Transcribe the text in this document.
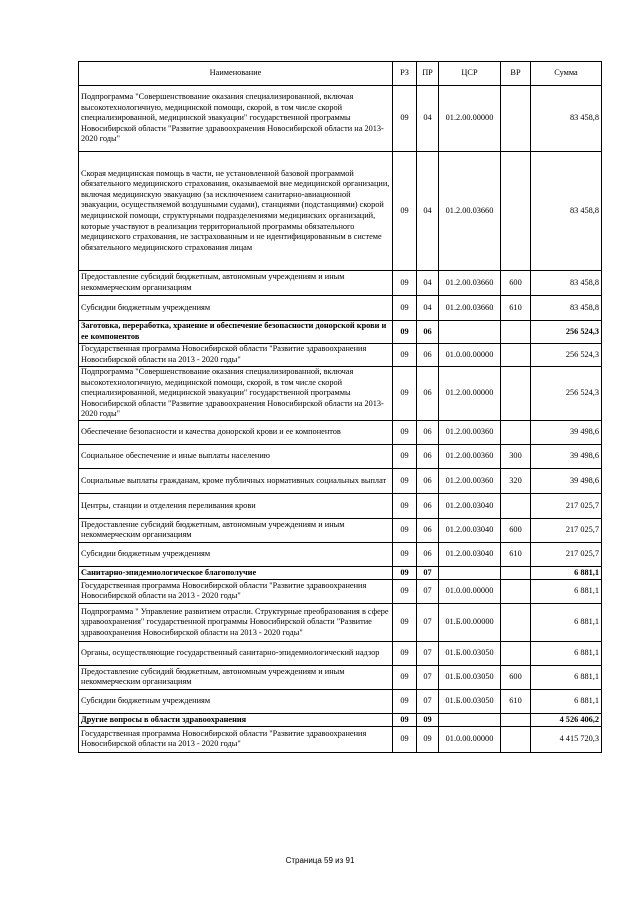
Наименование	РЗ	ПР	ЦСР	ВР	Сумма
Подпрограмма "Совершенствование оказания специализированной, включая высокотехнологичную, медицинской помощи, скорой, в том числе скорой специализированной, медицинской эвакуации" государственной программы Новосибирской области "Развитие здравоохранения Новосибирской области на 2013-2020 годы"	09	04	01.2.00.00000		83 458,8
Скорая медицинская помощь в части, не установленной базовой программой обязательного медицинского страхования, оказываемой вне медицинской организации, включая медицинскую эвакуацию (за исключением санитарно-авиационной эвакуации, осуществляемой воздушными судами), станциями (подстанциями) скорой медицинской помощи, структурными подразделениями медицинских организаций, которые участвуют в реализации территориальной программы обязательного медицинского страхования, не застрахованным и не идентифицированным в системе обязательного медицинского страхования лицам	09	04	01.2.00.03660		83 458,8
Предоставление субсидий бюджетным, автономным учреждениям и иным некоммерческим организациям	09	04	01.2.00.03660	600	83 458,8
Субсидии бюджетным учреждениям	09	04	01.2.00.03660	610	83 458,8
Заготовка, переработка, хранение и обеспечение безопасности донорской крови и ее компонентов	09	06			256 524,3
Государственная программа Новосибирской области "Развитие здравоохранения Новосибирской области на 2013 - 2020 годы"	09	06	01.0.00.00000		256 524,3
Подпрограмма "Совершенствование оказания специализированной, включая высокотехнологичную, медицинской помощи, скорой, в том числе скорой специализированной, медицинской эвакуации" государственной программы Новосибирской области "Развитие здравоохранения Новосибирской области на 2013-2020 годы"	09	06	01.2.00.00000		256 524,3
Обеспечение безопасности и качества донорской крови и ее компонентов	09	06	01.2.00.00360		39 498,6
Социальное обеспечение и иные выплаты населению	09	06	01.2.00.00360	300	39 498,6
Социальные выплаты гражданам, кроме публичных нормативных социальных выплат	09	06	01.2.00.00360	320	39 498,6
Центры, станции и отделения переливания крови	09	06	01.2.00.03040		217 025,7
Предоставление субсидий бюджетным, автономным учреждениям и иным некоммерческим организациям	09	06	01.2.00.03040	600	217 025,7
Субсидии бюджетным учреждениям	09	06	01.2.00.03040	610	217 025,7
Санитарно-эпидемиологическое благополучие	09	07			6 881,1
Государственная программа Новосибирской области "Развитие здравоохранения Новосибирской области на 2013 - 2020 годы"	09	07	01.0.00.00000		6 881,1
Подпрограмма " Управление развитием отрасли. Структурные преобразования в сфере здравоохранения" государственной программы Новосибирской области "Развитие здравоохранения Новосибирской области на 2013 - 2020 годы"	09	07	01.Б.00.00000		6 881,1
Органы, осуществляющие государственный санитарно-эпидемиологический надзор	09	07	01.Б.00.03050		6 881,1
Предоставление субсидий бюджетным, автономным учреждениям и иным некоммерческим организациям	09	07	01.Б.00.03050	600	6 881,1
Субсидии бюджетным учреждениям	09	07	01.Б.00.03050	610	6 881,1
Другие вопросы в области здравоохранения	09	09			4 526 406,2
Государственная программа Новосибирской области "Развитие здравоохранения Новосибирской области на 2013 - 2020 годы"	09	09	01.0.00.00000		4 415 720,3
Страница 59 из 91
